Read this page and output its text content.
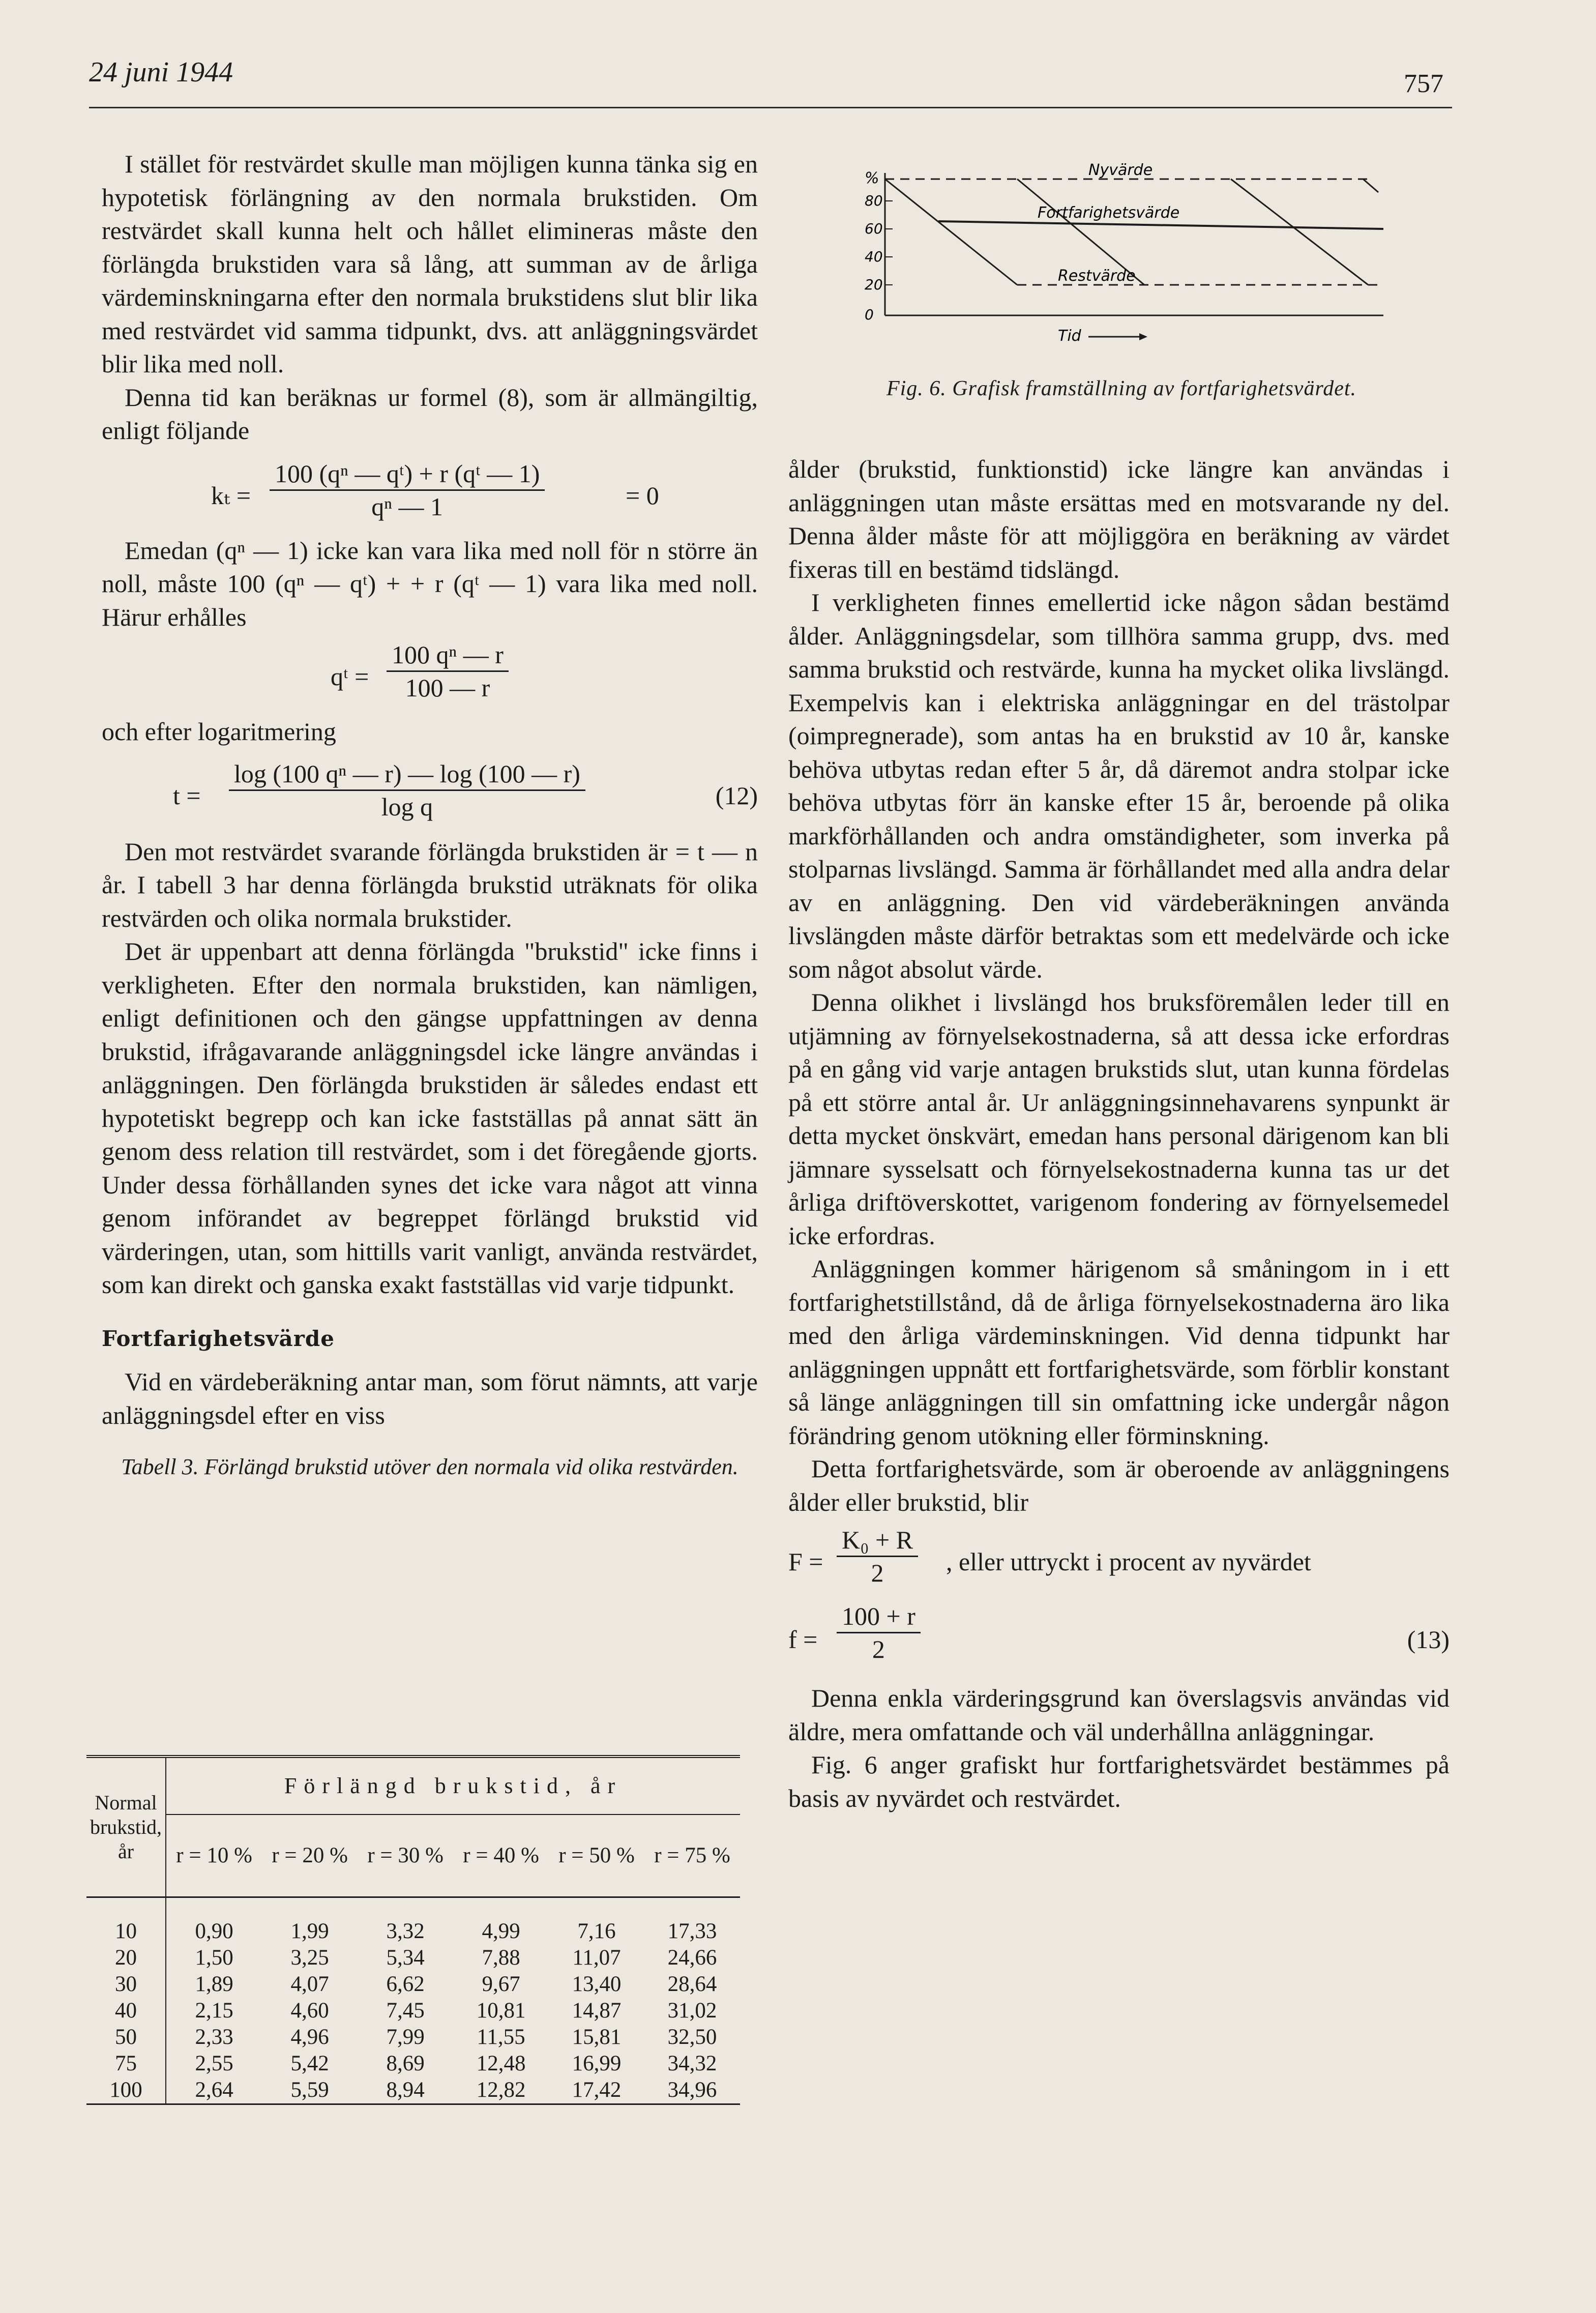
24 juni 1944	757

I stället för restvärdet skulle man möjligen kunna tänka sig en hypotetisk förlängning av den normala brukstiden. Om restvärdet skall kunna helt och hållet elimineras måste den förlängda brukstiden vara så lång, att summan av de årliga värdeminskningarna efter den normala brukstidens slut blir lika med restvärdet vid samma tidpunkt, dvs. att anläggningsvärdet blir lika med noll.

Denna tid kan beräknas ur formel (8), som är allmängiltig, enligt följande

$k_t = \frac{\text{100 (qⁿ — qᵗ) + r (qᵗ — 1)}}{\text{qⁿ — 1}}$	= 0

Emedan (qⁿ — 1) icke kan vara lika med noll för n större än noll, måste 100 (qⁿ — qᵗ) + + r (qᵗ — 1) vara lika med noll. Härur erhålles

qᵗ = $\frac{\text{100 qⁿ — r}}{100 — r}$

och efter logaritmering

$t = \frac{\text{log (100 qⁿ — r) — log (100 — r)}}{\text{log q}}$	(12)

Den mot restvärdet svarande förlängda brukstiden är = t — n år. I tabell 3 har denna förlängda brukstid uträknats för olika restvärden och olika normala brukstider.

Det är uppenbart att denna förlängda "brukstid" icke finns i verkligheten. Efter den normala brukstiden, kan nämligen, enligt definitionen och den gängse uppfattningen av denna brukstid, ifrågavarande anläggningsdel icke längre användas i anläggningen. Den förlängda brukstiden är således endast ett hypotetiskt begrepp och kan icke fastställas på annat sätt än genom dess relation till restvärdet, som i det föregående gjorts. Under dessa förhållanden synes det icke vara något att vinna genom införandet av begreppet förlängd brukstid vid värderingen, utan, som hittills varit vanligt, använda restvärdet, som kan direkt och ganska exakt fastställas vid varje tidpunkt.

Fortfarighetsvärde

Vid en värdeberäkning antar man, som förut nämnts, att varje anläggningsdel efter en viss

Tabell 3. Förlängd brukstid utöver den normala vid olika restvärden.
Normal brukstid, år	Förlängd brukstid, år					
	r = 10 %	r = 20 %	r = 30 %	r = 40 %	r = 50 %	r = 75 %

10	0,90	1,99	3,32	4,99	7,16	17,33
20	1,50	3,25	5,34	7,88	11,07	24,66
30	1,89	4,07	6,62	9,67	13,40	28,64
40	2,15	4,60	7,45	10,81	14,87	31,02
50	2,33	4,96	7,99	11,55	15,81	32,50
75	2,55	5,42	8,69	12,48	16,99	34,32
100	2,64	5,59	8,94	12,82	17,42	34,96
%
80
60
40
20
0
Nyvärde
Fortfarighetsvärde
Restvärde
Tid
Fig. 6. Grafisk framställning av fortfarighetsvärdet.

ålder (brukstid, funktionstid) icke längre kan användas i anläggningen utan måste ersättas med en motsvarande ny del. Denna ålder måste för att möjliggöra en beräkning av värdet fixeras till en bestämd tidslängd.

I verkligheten finnes emellertid icke någon sådan bestämd ålder. Anläggningsdelar, som tillhöra samma grupp, dvs. med samma brukstid och restvärde, kunna ha mycket olika livslängd. Exempelvis kan i elektriska anläggningar en del trästolpar (oimpregnerade), som antas ha en brukstid av 10 år, kanske behöva utbytas redan efter 5 år, då däremot andra stolpar icke behöva utbytas förr än kanske efter 15 år, beroende på olika markförhållanden och andra omständigheter, som inverka på stolparnas livslängd. Samma är förhållandet med alla andra delar av en anläggning. Den vid värdeberäkningen använda livslängden måste därför betraktas som ett medelvärde och icke som något absolut värde.

Denna olikhet i livslängd hos bruksföremålen leder till en utjämning av förnyelsekostnaderna, så att dessa icke erfordras på en gång vid varje antagen brukstids slut, utan kunna fördelas på ett större antal år. Ur anläggningsinnehavarens synpunkt är detta mycket önskvärt, emedan hans personal därigenom kan bli jämnare sysselsatt och förnyelsekostnaderna kunna tas ur det årliga driftöverskottet, varigenom fondering av förnyelsemedel icke erfordras.

Anläggningen kommer härigenom så småningom in i ett fortfarighetstillstånd, då de årliga förnyelsekostnaderna äro lika med den årliga värdeminskningen. Vid denna tidpunkt har anläggningen uppnått ett fortfarighetsvärde, som förblir konstant så länge anläggningen till sin omfattning icke undergår någon förändring genom utökning eller förminskning.

Detta fortfarighetsvärde, som är oberoende av anläggningens ålder eller brukstid, blir

$F = \frac{\text{K₀ + R}}{2}$ , eller uttryckt i procent av nyvärdet
$f = \frac{100 + r}{2}$	(13)

Denna enkla värderingsgrund kan överslagsvis användas vid äldre, mera omfattande och väl underhållna anläggningar.

Fig. 6 anger grafiskt hur fortfarighetsvärdet bestämmes på basis av nyvärdet och restvärdet.
